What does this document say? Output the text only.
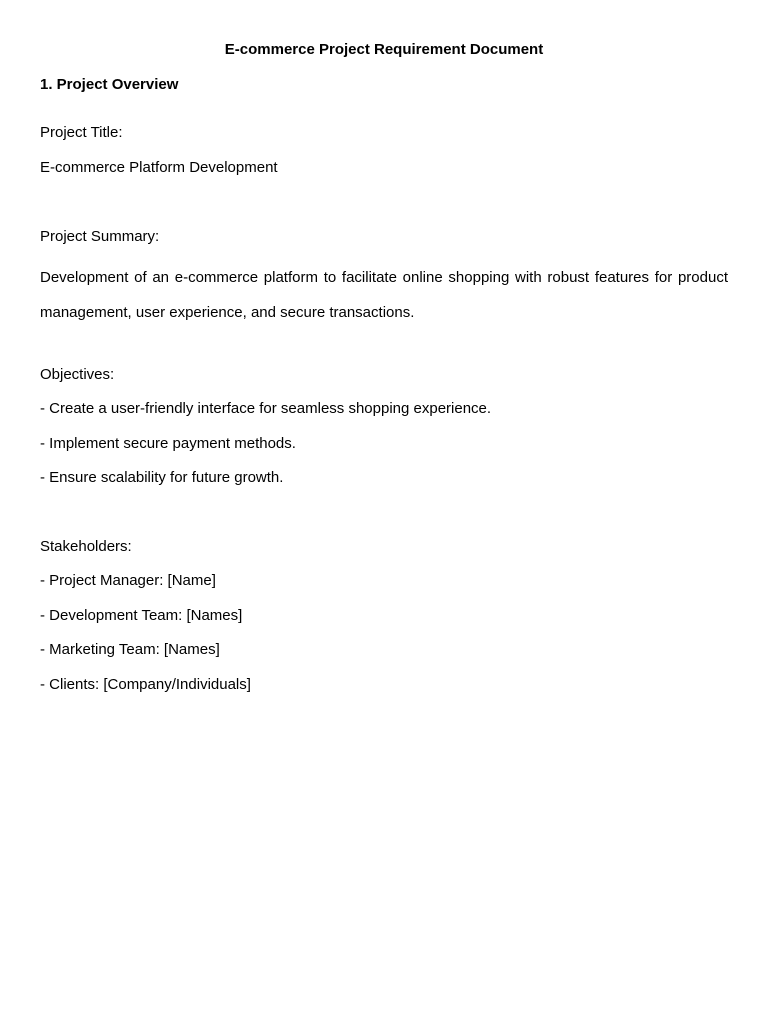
E-commerce Project Requirement Document
1. Project Overview
Project Title:
E-commerce Platform Development
Project Summary:
Development of an e-commerce platform to facilitate online shopping with robust features for product management, user experience, and secure transactions.
Objectives:
- Create a user-friendly interface for seamless shopping experience.
- Implement secure payment methods.
- Ensure scalability for future growth.
Stakeholders:
- Project Manager: [Name]
- Development Team: [Names]
- Marketing Team: [Names]
- Clients: [Company/Individuals]
